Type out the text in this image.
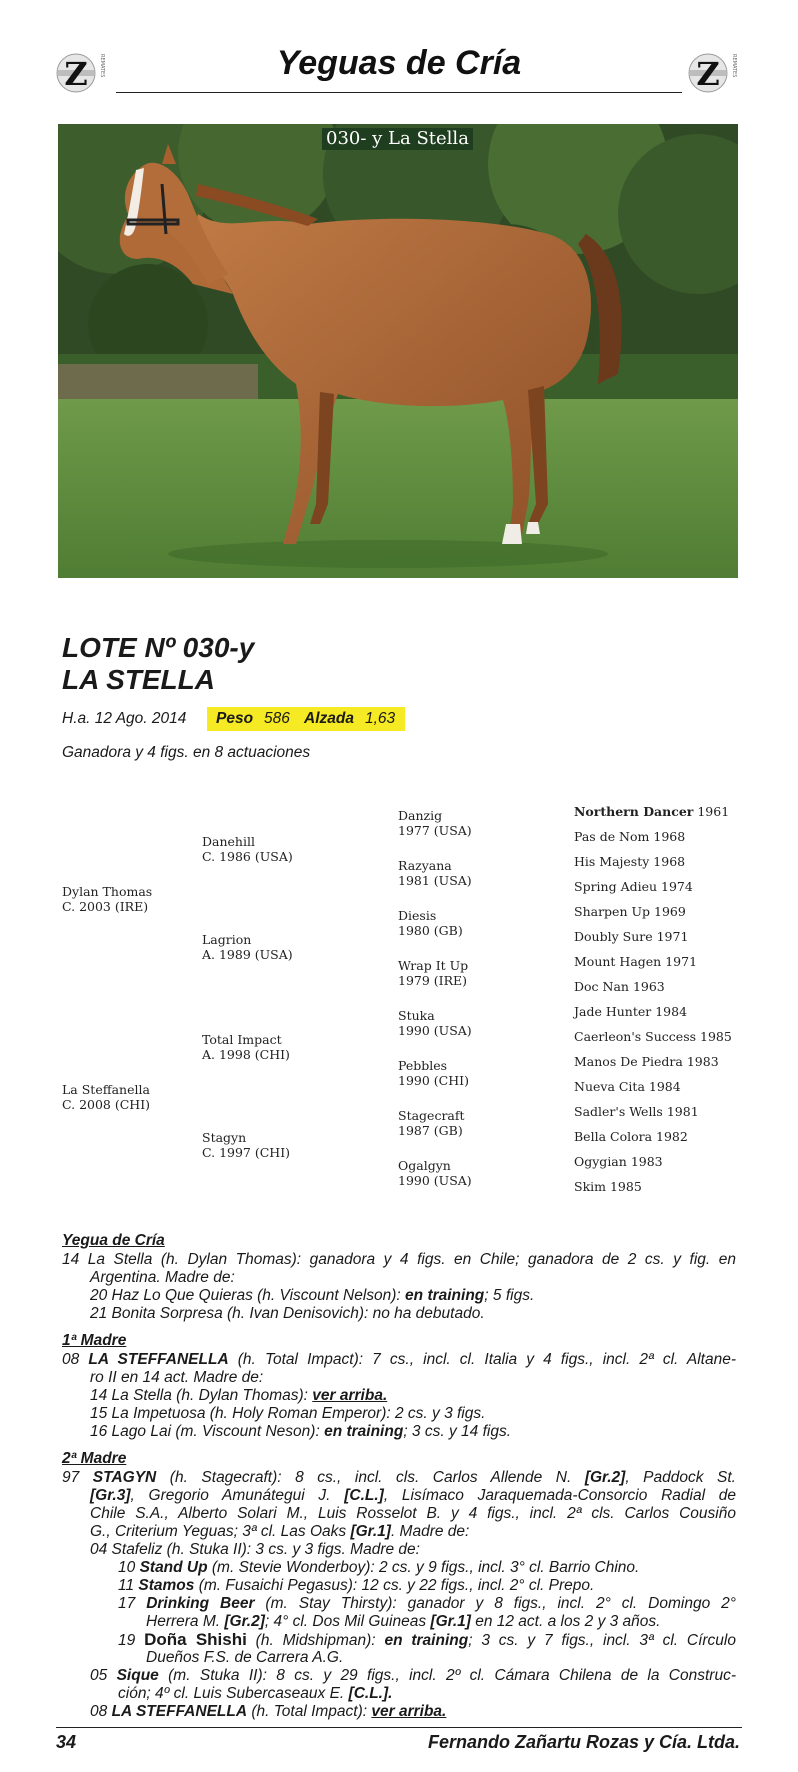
Z REMATES	Yeguas de Cría	Z REMATES
030- y La Stella
LOTE Nº 030-y
LA STELLA
H.a. 12 Ago. 2014 Peso 586 Alzada 1,63
Ganadora y 4 figs. en 8 actuaciones
Dylan Thomas
C. 2003 (IRE)
La Steffanella
C. 2008 (CHI)
Danehill
C. 1986 (USA)
Lagrion
A. 1989 (USA)
Total Impact
A. 1998 (CHI)
Stagyn
C. 1997 (CHI)
Danzig
1977 (USA)
Razyana
1981 (USA)
Diesis
1980 (GB)
Wrap It Up
1979 (IRE)
Stuka
1990 (USA)
Pebbles
1990 (CHI)
Stagecraft
1987 (GB)
Ogalgyn
1990 (USA)
Northern Dancer 1961
Pas de Nom 1968
His Majesty 1968
Spring Adieu 1974
Sharpen Up 1969
Doubly Sure 1971
Mount Hagen 1971
Doc Nan 1963
Jade Hunter 1984
Caerleon's Success 1985
Manos De Piedra 1983
Nueva Cita 1984
Sadler's Wells 1981
Bella Colora 1982
Ogygian 1983
Skim 1985
Yegua de Cría
14 La Stella (h. Dylan Thomas): ganadora y 4 figs. en Chile; ganadora de 2 cs. y fig. en
Argentina. Madre de:
20 Haz Lo Que Quieras (h. Viscount Nelson): en training; 5 figs.
21 Bonita Sorpresa (h. Ivan Denisovich): no ha debutado.
1ª Madre
08 LA STEFFANELLA (h. Total Impact): 7 cs., incl. cl. Italia y 4 figs., incl. 2ª cl. Altane-
ro II en 14 act. Madre de:
14 La Stella (h. Dylan Thomas): ver arriba.
15 La Impetuosa (h. Holy Roman Emperor): 2 cs. y 3 figs.
16 Lago Lai (m. Viscount Neson): en training; 3 cs. y 14 figs.
2ª Madre
97 STAGYN (h. Stagecraft): 8 cs., incl. cls. Carlos Allende N. [Gr.2], Paddock St.
[Gr.3], Gregorio Amunátegui J. [C.L.], Lisímaco Jaraquemada-Consorcio Radial de
Chile S.A., Alberto Solari M., Luis Rosselot B. y 4 figs., incl. 2ª cls. Carlos Cousiño
G., Criterium Yeguas; 3ª cl. Las Oaks [Gr.1]. Madre de:
04 Stafeliz (h. Stuka II): 3 cs. y 3 figs. Madre de:
10 Stand Up (m. Stevie Wonderboy): 2 cs. y 9 figs., incl. 3° cl. Barrio Chino.
11 Stamos (m. Fusaichi Pegasus): 12 cs. y 22 figs., incl. 2° cl. Prepo.
17 Drinking Beer (m. Stay Thirsty): ganador y 8 figs., incl. 2° cl. Domingo 2°
Herrera M. [Gr.2]; 4° cl. Dos Mil Guineas [Gr.1] en 12 act. a los 2 y 3 años.
19 Doña Shishi (h. Midshipman): en training; 3 cs. y 7 figs., incl. 3ª cl. Círculo
Dueños F.S. de Carrera A.G.
05 Sique (m. Stuka II): 8 cs. y 29 figs., incl. 2º cl. Cámara Chilena de la Construc-
ción; 4º cl. Luis Subercaseaux E. [C.L.].
08 LA STEFFANELLA (h. Total Impact): ver arriba.
34	Fernando Zañartu Rozas y Cía. Ltda.
